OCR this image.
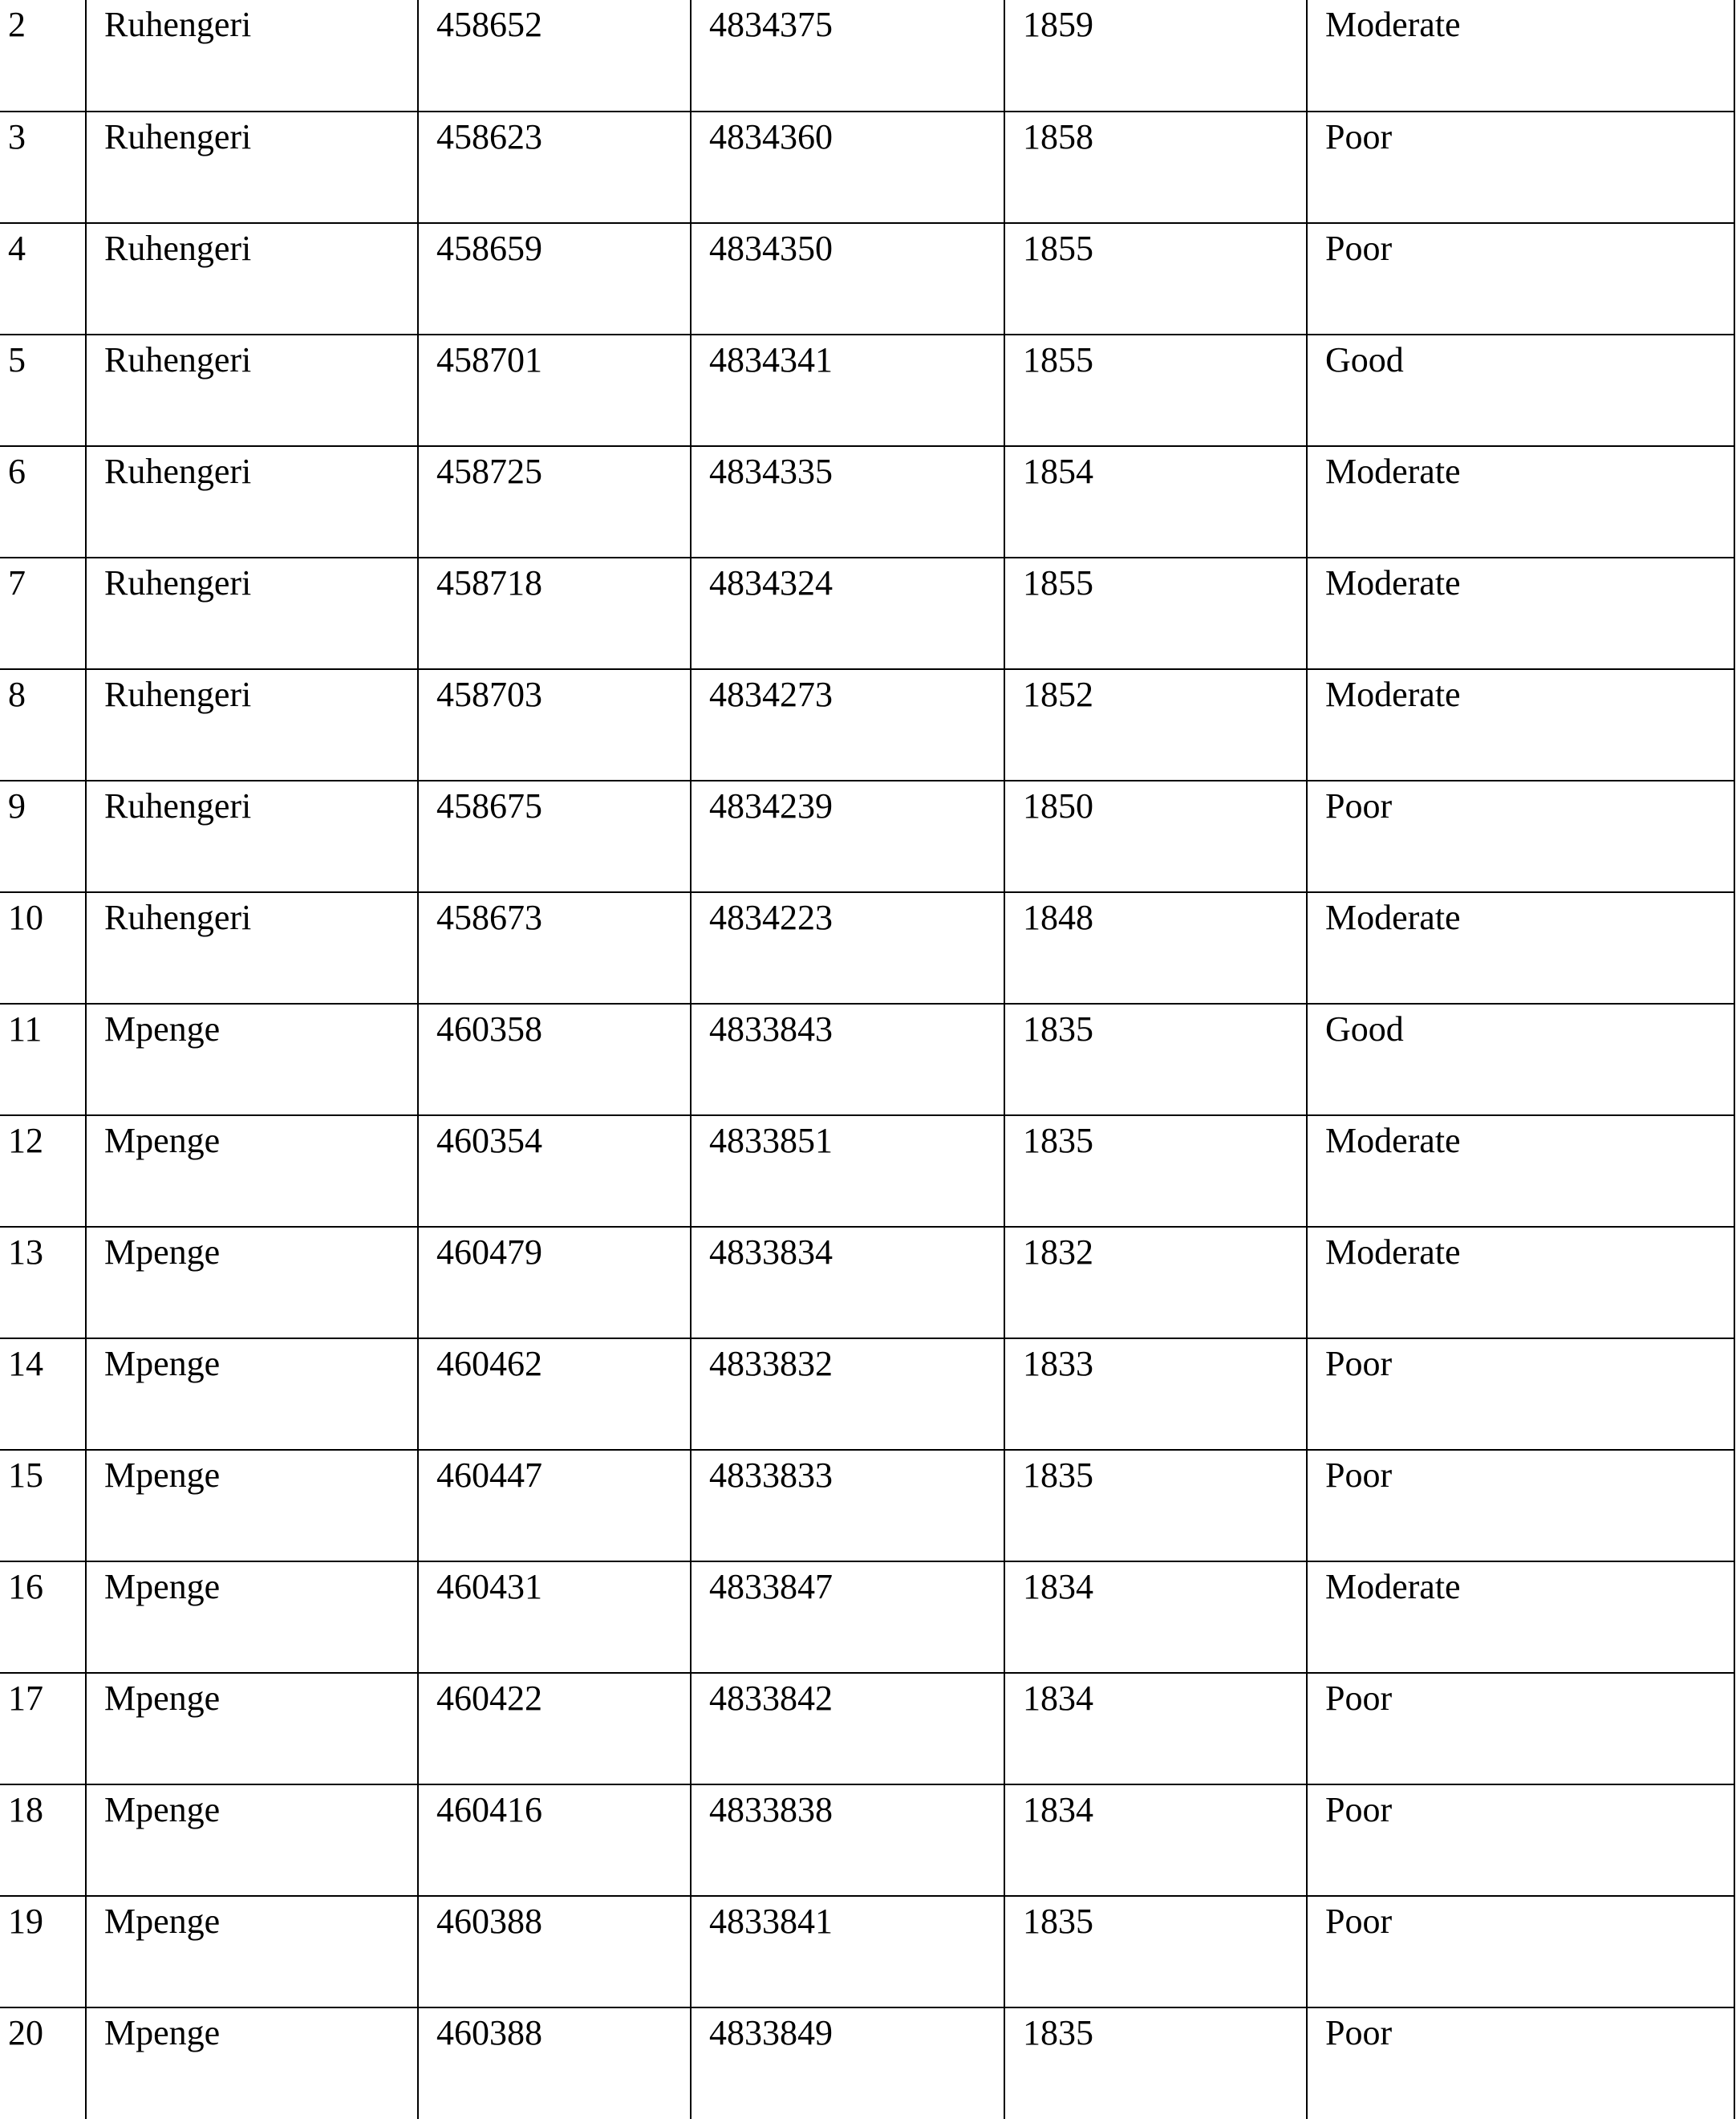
2	Ruhengeri	458652	4834375	1859	Moderate
3	Ruhengeri	458623	4834360	1858	Poor
4	Ruhengeri	458659	4834350	1855	Poor
5	Ruhengeri	458701	4834341	1855	Good
6	Ruhengeri	458725	4834335	1854	Moderate
7	Ruhengeri	458718	4834324	1855	Moderate
8	Ruhengeri	458703	4834273	1852	Moderate
9	Ruhengeri	458675	4834239	1850	Poor
10	Ruhengeri	458673	4834223	1848	Moderate
11	Mpenge	460358	4833843	1835	Good
12	Mpenge	460354	4833851	1835	Moderate
13	Mpenge	460479	4833834	1832	Moderate
14	Mpenge	460462	4833832	1833	Poor
15	Mpenge	460447	4833833	1835	Poor
16	Mpenge	460431	4833847	1834	Moderate
17	Mpenge	460422	4833842	1834	Poor
18	Mpenge	460416	4833838	1834	Poor
19	Mpenge	460388	4833841	1835	Poor
20	Mpenge	460388	4833849	1835	Poor
